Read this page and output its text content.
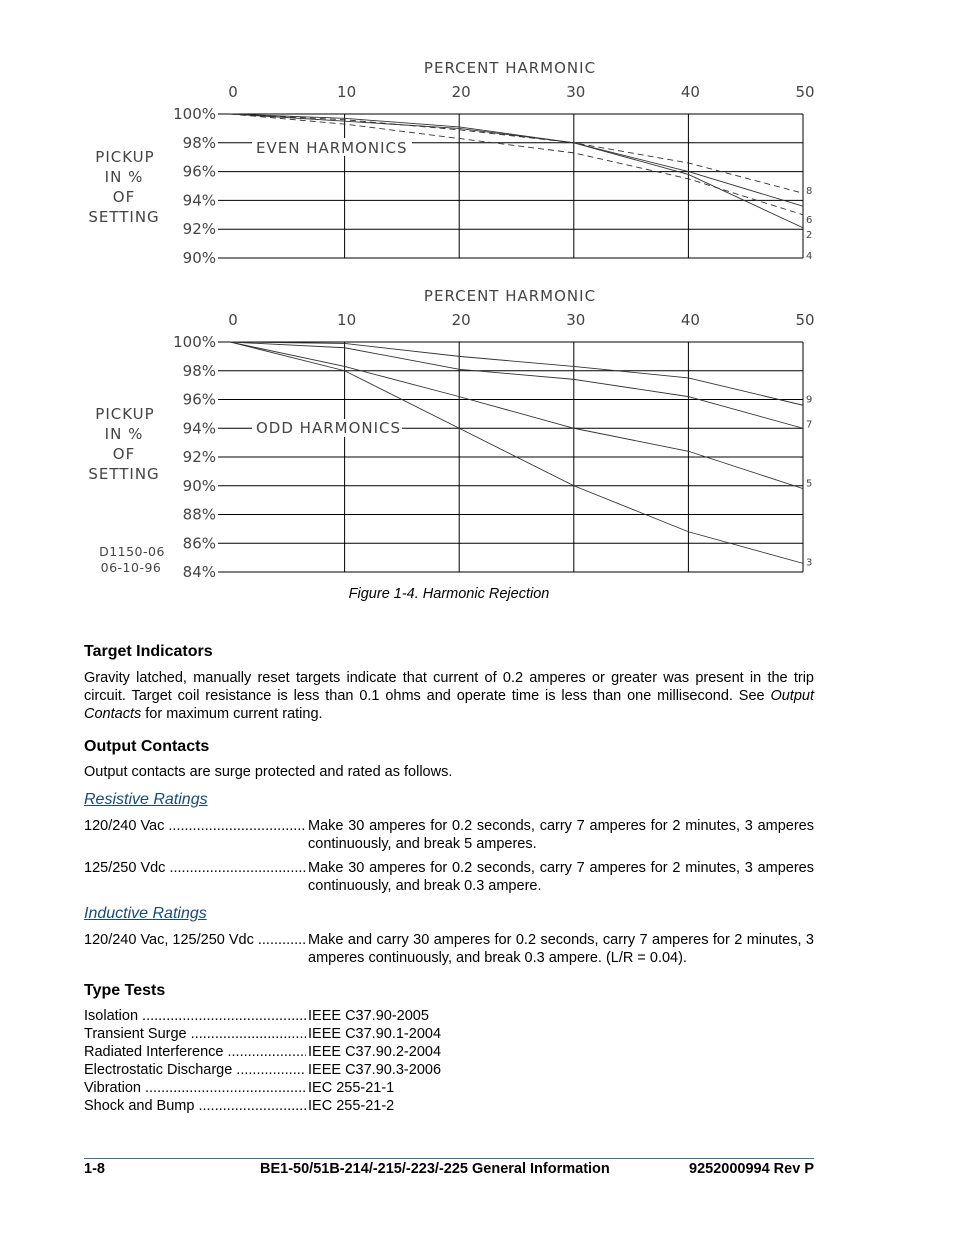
PERCENT HARMONIC
0	10	20	30	40	50
100%
98%
96%
94%
92%
90%
PICKUP
IN %
OF
SETTING
EVEN HARMONICS
8
6
2
4
PERCENT HARMONIC
0	10	20	30	40	50
100%
98%
96%
94%
92%
90%
88%
86%
84%
PICKUP
IN %
OF
SETTING
D1150-06
06-10-96
ODD HARMONICS
9
7
5
3
Figure 1-4. Harmonic Rejection
Target Indicators
Gravity latched, manually reset targets indicate that current of 0.2 amperes or greater was present in the trip circuit. Target coil resistance is less than 0.1 ohms and operate time is less than one millisecond. See Output Contacts for maximum current rating.
Output Contacts
Output contacts are surge protected and rated as follows.
Resistive Ratings
120/240 Vac .....	Make 30 amperes for 0.2 seconds, carry 7 amperes for 2 minutes, 3 amperes continuously, and break 5 amperes.
125/250 Vdc .....	Make 30 amperes for 0.2 seconds, carry 7 amperes for 2 minutes, 3 amperes continuously, and break 0.3 ampere.
Inductive Ratings
120/240 Vac, 125/250 Vdc .....	Make and carry 30 amperes for 0.2 seconds, carry 7 amperes for 2 minutes, 3 amperes continuously, and break 0.3 ampere. (L/R = 0.04).
Type Tests
Isolation .....	IEEE C37.90-2005
Transient Surge .....	IEEE C37.90.1-2004
Radiated Interference .....	IEEE C37.90.2-2004
Electrostatic Discharge .....	IEEE C37.90.3-2006
Vibration .....	IEC 255-21-1
Shock and Bump .....	IEC 255-21-2
1-8	BE1-50/51B-214/-215/-223/-225 General Information	9252000994 Rev P
